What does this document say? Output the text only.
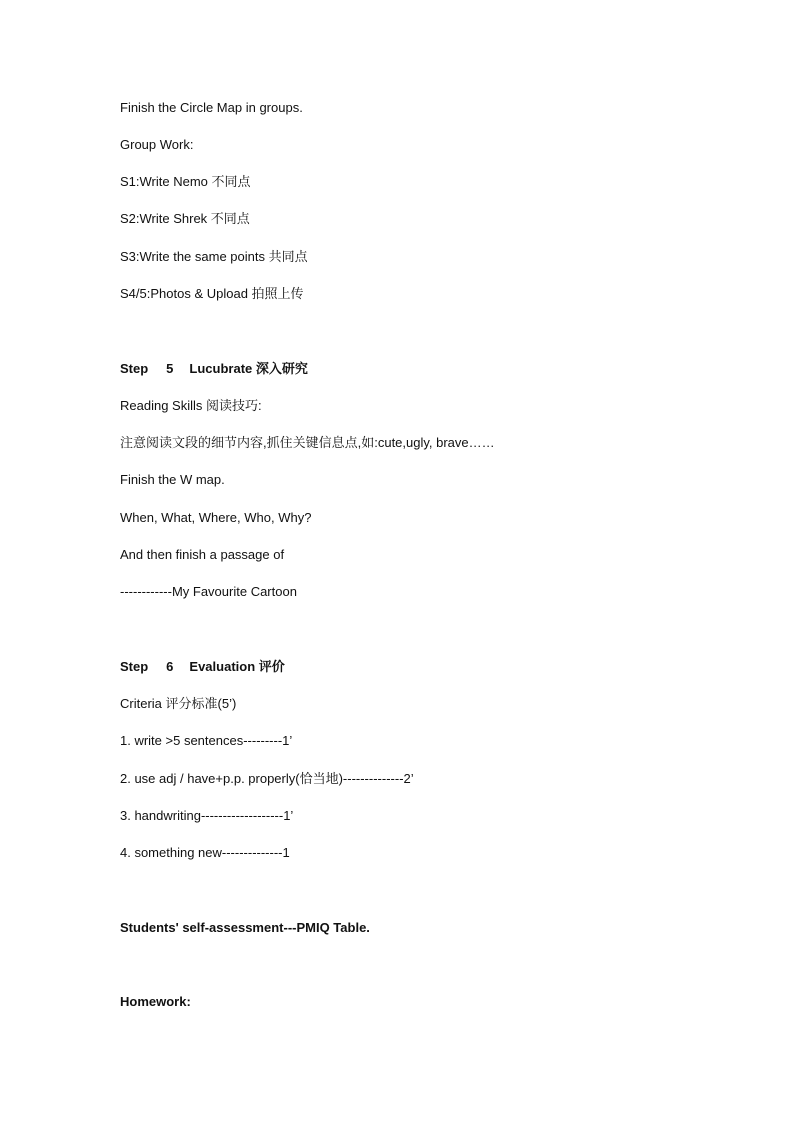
Finish the Circle Map in groups.
Group Work:
S1:Write Nemo 不同点
S2:Write Shrek 不同点
S3:Write the same points 共同点
S4/5:Photos & Upload 拍照上传
Step 5 Lucubrate 深入研究
Reading Skills 阅读技巧:
注意阅读文段的细节内容,抓住关键信息点,如:cute,ugly, brave……
Finish the W map.
When, What, Where, Who, Why?
And then finish a passage of
------------My Favourite Cartoon
Step 6 Evaluation 评价
Criteria 评分标准(5’)
1. write >5 sentences---------1’
2. use adj / have+p.p. properly(恰当地)--------------2’
3. handwriting-------------------1’
4. something new--------------1
Students' self-assessment---PMIQ Table.
Homework:
